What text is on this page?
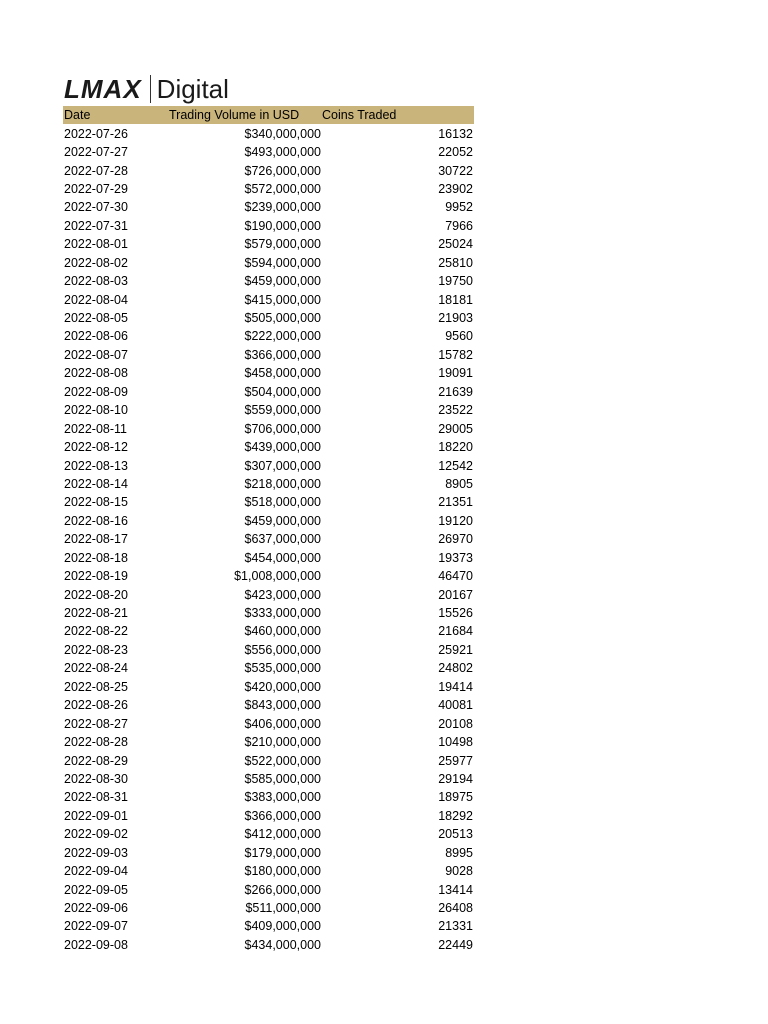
LMAX Digital
Date	Trading Volume in USD	Coins Traded
2022-07-26	$340,000,000	16132
2022-07-27	$493,000,000	22052
2022-07-28	$726,000,000	30722
2022-07-29	$572,000,000	23902
2022-07-30	$239,000,000	9952
2022-07-31	$190,000,000	7966
2022-08-01	$579,000,000	25024
2022-08-02	$594,000,000	25810
2022-08-03	$459,000,000	19750
2022-08-04	$415,000,000	18181
2022-08-05	$505,000,000	21903
2022-08-06	$222,000,000	9560
2022-08-07	$366,000,000	15782
2022-08-08	$458,000,000	19091
2022-08-09	$504,000,000	21639
2022-08-10	$559,000,000	23522
2022-08-11	$706,000,000	29005
2022-08-12	$439,000,000	18220
2022-08-13	$307,000,000	12542
2022-08-14	$218,000,000	8905
2022-08-15	$518,000,000	21351
2022-08-16	$459,000,000	19120
2022-08-17	$637,000,000	26970
2022-08-18	$454,000,000	19373
2022-08-19	$1,008,000,000	46470
2022-08-20	$423,000,000	20167
2022-08-21	$333,000,000	15526
2022-08-22	$460,000,000	21684
2022-08-23	$556,000,000	25921
2022-08-24	$535,000,000	24802
2022-08-25	$420,000,000	19414
2022-08-26	$843,000,000	40081
2022-08-27	$406,000,000	20108
2022-08-28	$210,000,000	10498
2022-08-29	$522,000,000	25977
2022-08-30	$585,000,000	29194
2022-08-31	$383,000,000	18975
2022-09-01	$366,000,000	18292
2022-09-02	$412,000,000	20513
2022-09-03	$179,000,000	8995
2022-09-04	$180,000,000	9028
2022-09-05	$266,000,000	13414
2022-09-06	$511,000,000	26408
2022-09-07	$409,000,000	21331
2022-09-08	$434,000,000	22449
